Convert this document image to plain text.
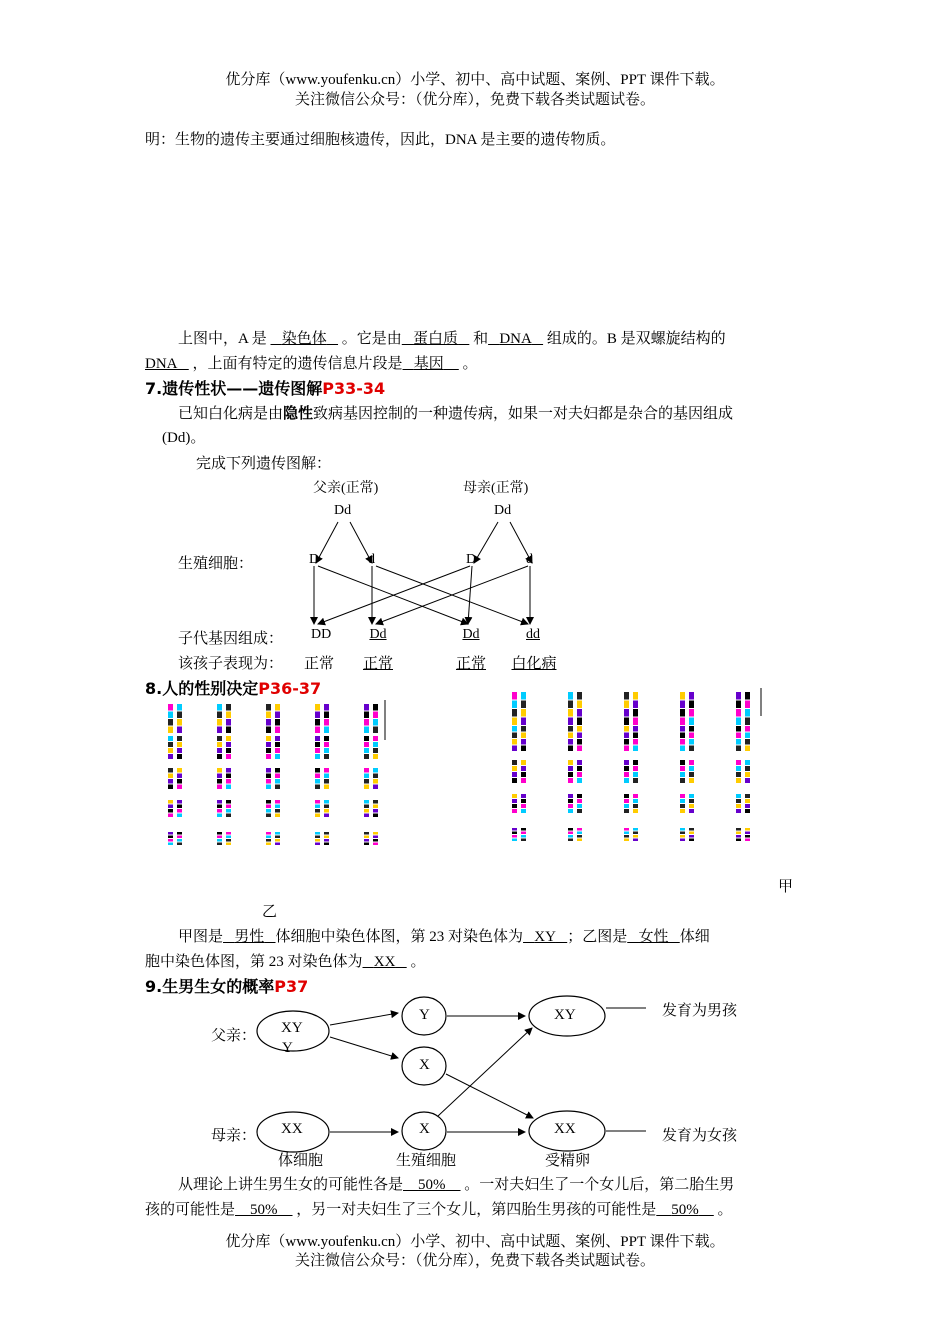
优分库（www.youfenku.cn）小学、初中、高中试题、案例、PPT 课件下载。
关注微信公众号：（优分库），免费下载各类试题试卷。
明：生物的遗传主要通过细胞核遗传，因此，DNA 是主要的遗传物质。
上图中，A 是 染色体 。它是由 蛋白质 和 DNA 组成的。B 是双螺旋结构的
DNA ，上面有特定的遗传信息片段是 基因 。
7.遗传性状——遗传图解P33-34
已知白化病是由隐性致病基因控制的一种遗传病，如果一对夫妇都是杂合的基因组成
(Dd)。
完成下列遗传图解：
父亲(正常)	母亲(正常)
Dd	Dd
生殖细胞：	D	d	D	d
子代基因组成： DD	Dd	Dd	dd
该孩子表现为： 正常	正常	正常	白化病
8.人的性别决定P36-37
甲
乙
甲图是 男性 体细胞中染色体图，第 23 对染色体为 XY ；乙图是 女性 体细
胞中染色体图，第 23 对染色体为 XX 。
9.生男生女的概率P37
父亲：
母亲：
XY
Y
XX
Y
X
X
XY
XX
发育为男孩
发育为女孩
体细胞	生殖细胞	受精卵
从理论上讲生男生女的可能性各是 50% 。一对夫妇生了一个女儿后，第二胎生男
孩的可能性是 50% ，另一对夫妇生了三个女儿，第四胎生男孩的可能性是 50% 。
优分库（www.youfenku.cn）小学、初中、高中试题、案例、PPT 课件下载。
关注微信公众号：（优分库），免费下载各类试题试卷。
